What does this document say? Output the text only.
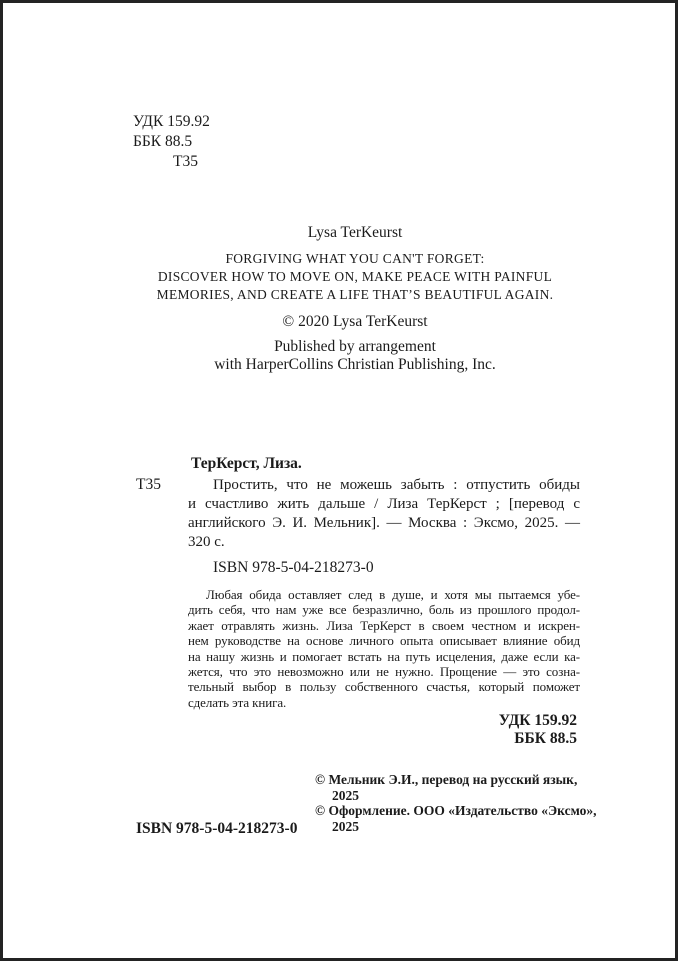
УДК 159.92
ББК 88.5
Т35
Lysa TerKeurst
FORGIVING WHAT YOU CAN'T FORGET:
DISCOVER HOW TO MOVE ON, MAKE PEACE WITH PAINFUL
MEMORIES, AND CREATE A LIFE THAT’S BEAUTIFUL AGAIN.
© 2020 Lysa TerKeurst
Published by arrangement
with HarperCollins Christian Publishing, Inc.
ТерКерст, Лиза.
Т35	Простить, что не можешь забыть : отпустить обиды
и счастливо жить дальше / Лиза ТерКерст ; [перевод с
английского Э. И. Мельник]. — Москва : Эксмо, 2025. —
320 с.
ISBN 978-5-04-218273-0
Любая обида оставляет след в душе, и хотя мы пытаемся убе-
дить себя, что нам уже все безразлично, боль из прошлого продол-
жает отравлять жизнь. Лиза ТерКерст в своем честном и искрен-
нем руководстве на основе личного опыта описывает влияние обид
на нашу жизнь и помогает встать на путь исцеления, даже если ка-
жется, что это невозможно или не нужно. Прощение — это созна-
тельный выбор в пользу собственного счастья, который поможет
сделать эта книга.
УДК 159.92
ББК 88.5
© Мельник Э.И., перевод на русский язык,
2025
© Оформление. ООО «Издательство «Эксмо»,
2025
ISBN 978-5-04-218273-0
